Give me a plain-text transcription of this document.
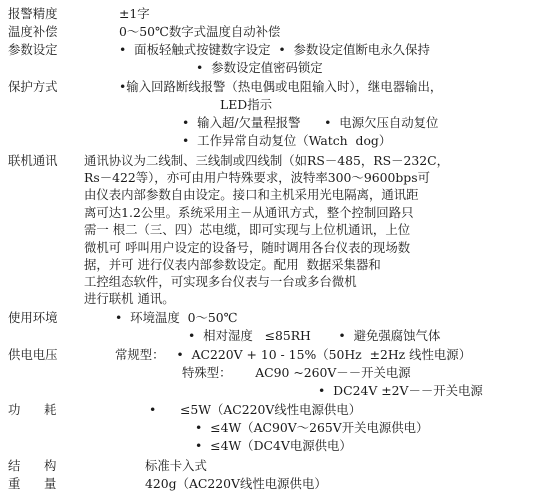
报警精度	±1字
温度补偿	0～50℃数字式温度自动补偿
参数设定	•  面板轻触式按键数字设定  •  参数设定值断电永久保持
•  参数设定值密码锁定
保护方式	•输入回路断线报警（热电偶或电阻输入时），继电器输出，
LED指示
•  输入超/欠量程报警      •  电源欠压自动复位
•  工作异常自动复位（Watch  dog）
联机通讯 通讯协议为二线制、三线制或四线制（如RS－485，RS－232C，
Rs－422等），亦可由用户特殊要求，波特率300～9600bps可
由仪表内部参数自由设定。接口和主机采用光电隔离，通讯距
离可达1.2公里。系统采用主－从通讯方式，整个控制回路只
需一 根二（三、四）芯电缆，即可实现与上位机通讯，上位
微机可 呼叫用户设定的设备号，随时调用各台仪表的现场数
据，并可 进行仪表内部参数设定。配用  数据采集器和
工控组态软件，可实现多台仪表与一台或多台微机
进行联机 通讯。
使用环境	•  环境温度  0～50℃
•  相对湿度   ≤85RH       •  避免强腐蚀气体
供电电压	常规型：   •  AC220V + 10 - 15%（50Hz  ±2Hz 线性电源）
特殊型：      AC90 ~260V－－开关电源
•  DC24V ±2V－－开关电源
功      耗	•      ≤5W（AC220V线性电源供电）
•  ≤4W（AC90V～265V开关电源供电）
•  ≤4W（DC4V电源供电）
结      构	标准卡入式
重      量	420g（AC220V线性电源供电）
